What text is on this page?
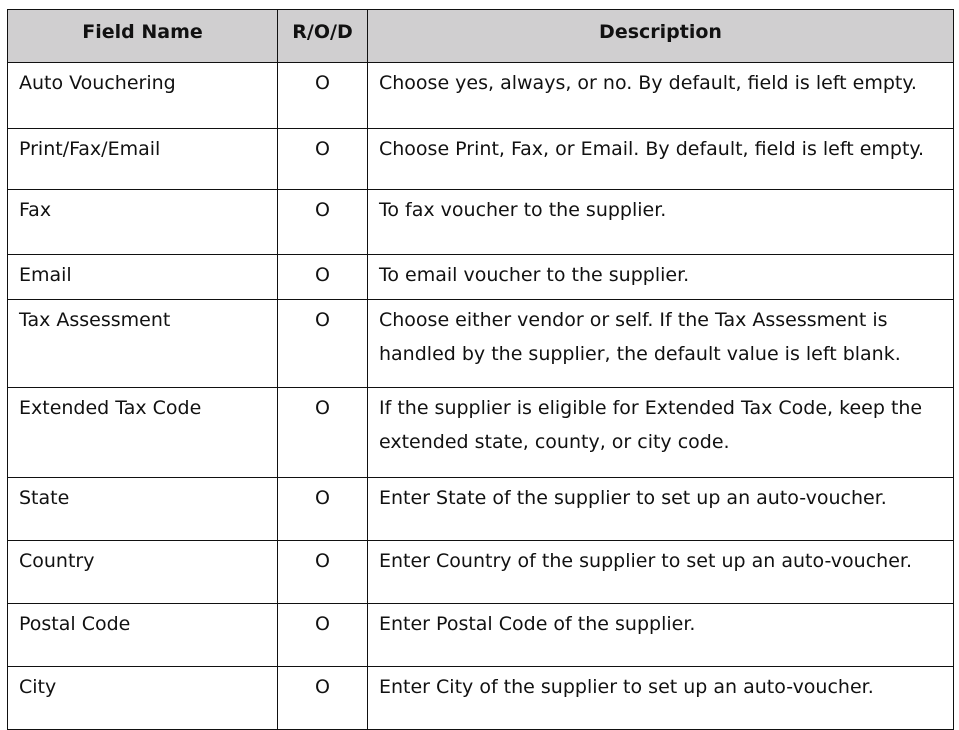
Field Name	R/O/D	Description
Auto Vouchering	O	Choose yes, always, or no. By default, field is left empty.
Print/Fax/Email	O	Choose Print, Fax, or Email. By default, field is left empty.
Fax	O	To fax voucher to the supplier.
Email	O	To email voucher to the supplier.
Tax Assessment	O	Choose either vendor or self. If the Tax Assessment is handled by the supplier, the default value is left blank.
Extended Tax Code	O	If the supplier is eligible for Extended Tax Code, keep the extended state, county, or city code.
State	O	Enter State of the supplier to set up an auto-voucher.
Country	O	Enter Country of the supplier to set up an auto-voucher.
Postal Code	O	Enter Postal Code of the supplier.
City	O	Enter City of the supplier to set up an auto-voucher.
